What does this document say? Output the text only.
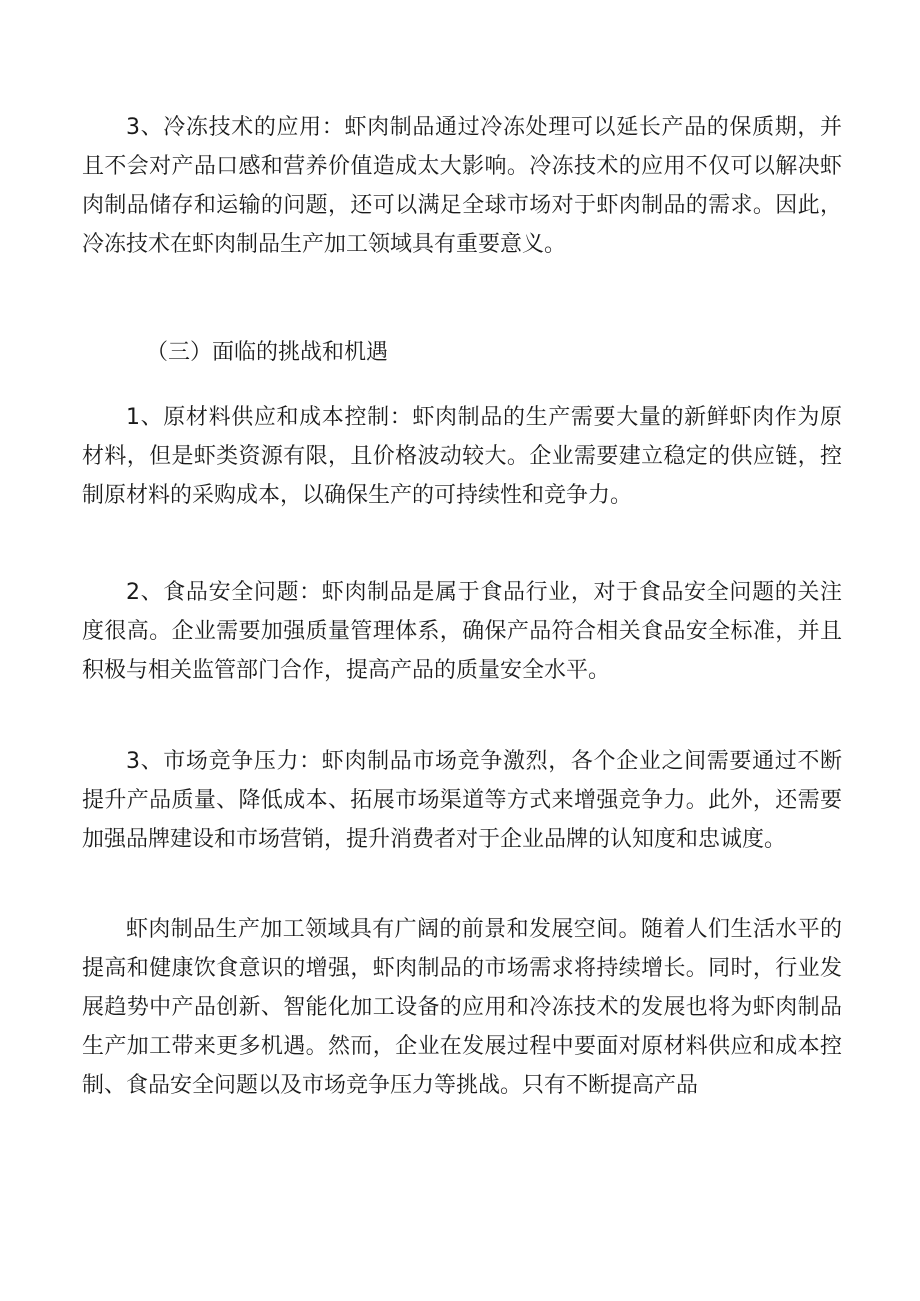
3、冷冻技术的应用：虾肉制品通过冷冻处理可以延长产品的保质期，并且不会对产品口感和营养价值造成太大影响。冷冻技术的应用不仅可以解决虾肉制品储存和运输的问题，还可以满足全球市场对于虾肉制品的需求。因此，冷冻技术在虾肉制品生产加工领域具有重要意义。

（三）面临的挑战和机遇

1、原材料供应和成本控制：虾肉制品的生产需要大量的新鲜虾肉作为原材料，但是虾类资源有限，且价格波动较大。企业需要建立稳定的供应链，控制原材料的采购成本，以确保生产的可持续性和竞争力。

2、食品安全问题：虾肉制品是属于食品行业，对于食品安全问题的关注度很高。企业需要加强质量管理体系，确保产品符合相关食品安全标准，并且积极与相关监管部门合作，提高产品的质量安全水平。

3、市场竞争压力：虾肉制品市场竞争激烈，各个企业之间需要通过不断提升产品质量、降低成本、拓展市场渠道等方式来增强竞争力。此外，还需要加强品牌建设和市场营销，提升消费者对于企业品牌的认知度和忠诚度。

虾肉制品生产加工领域具有广阔的前景和发展空间。随着人们生活水平的提高和健康饮食意识的增强，虾肉制品的市场需求将持续增长。同时，行业发展趋势中产品创新、智能化加工设备的应用和冷冻技术的发展也将为虾肉制品生产加工带来更多机遇。然而，企业在发展过程中要面对原材料供应和成本控制、食品安全问题以及市场竞争压力等挑战。只有不断提高产品
